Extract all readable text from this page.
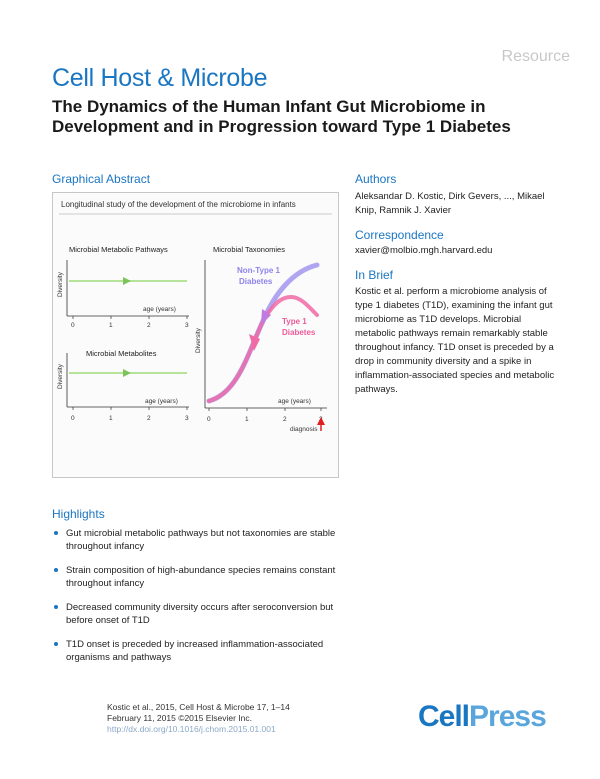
Resource
Cell Host & Microbe
The Dynamics of the Human Infant Gut Microbiome in Development and in Progression toward Type 1 Diabetes
Graphical Abstract
Longitudinal study of the development of the microbiome in infants
Microbial Metabolic Pathways
Diversity
age (years)
0	1	2	3
Microbial Metabolites
Diversity
age (years)
0	1	2	3
Microbial Taxonomies
Diversity
Non-Type 1
Diabetes
Type 1
Diabetes
age (years)
0	1	2
diagnosis
Authors
Aleksandar D. Kostic, Dirk Gevers, ..., Mikael Knip, Ramnik J. Xavier
Correspondence
xavier@molbio.mgh.harvard.edu
In Brief
Kostic et al. perform a microbiome analysis of type 1 diabetes (T1D), examining the infant gut microbiome as T1D develops. Microbial metabolic pathways remain remarkably stable throughout infancy. T1D onset is preceded by a drop in community diversity and a spike in inflammation-associated species and metabolic pathways.
Highlights
Gut microbial metabolic pathways but not taxonomies are stable throughout infancy
Strain composition of high-abundance species remains constant throughout infancy
Decreased community diversity occurs after seroconversion but before onset of T1D
T1D onset is preceded by increased inflammation-associated organisms and pathways
Kostic et al., 2015, Cell Host & Microbe 17, 1–14
February 11, 2015 ©2015 Elsevier Inc.
http://dx.doi.org/10.1016/j.chom.2015.01.001	CellPress
